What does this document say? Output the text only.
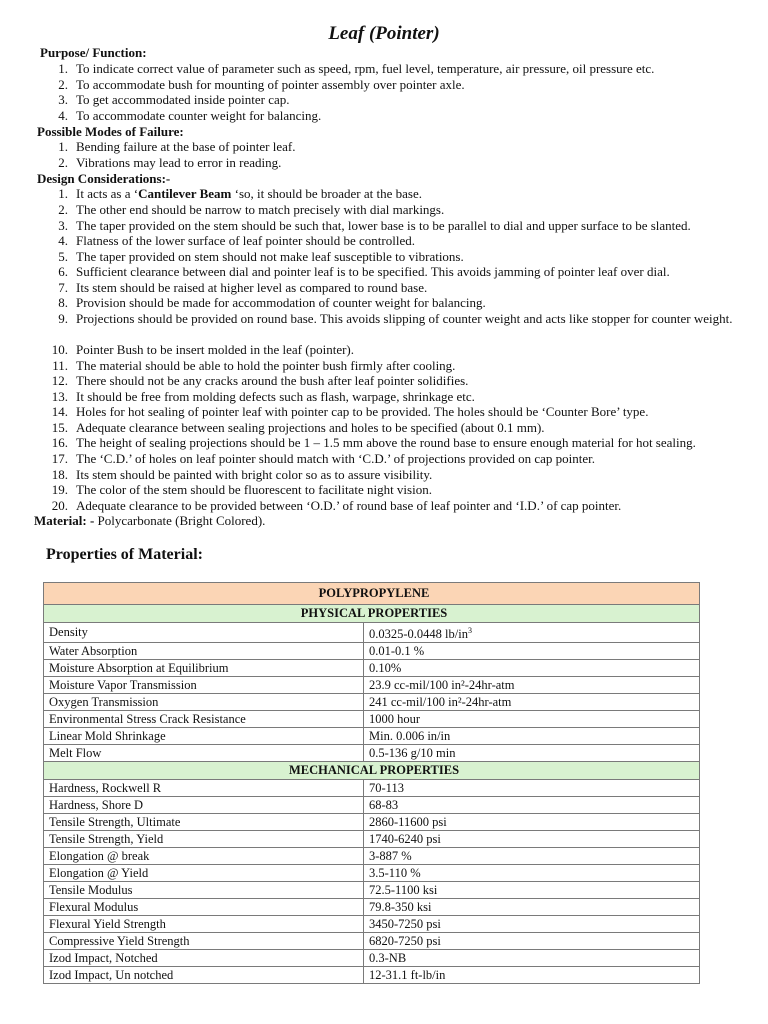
Leaf (Pointer)
Purpose/ Function:
1. To indicate correct value of parameter such as speed, rpm, fuel level, temperature, air pressure, oil pressure etc.
2. To accommodate bush for mounting of pointer assembly over pointer axle.
3. To get accommodated inside pointer cap.
4. To accommodate counter weight for balancing.
Possible Modes of Failure:
1. Bending failure at the base of pointer leaf.
2. Vibrations may lead to error in reading.
Design Considerations:-
1. It acts as a ‘Cantilever Beam ‘so, it should be broader at the base.
2. The other end should be narrow to match precisely with dial markings.
3. The taper provided on the stem should be such that, lower base is to be parallel to dial and upper surface to be slanted.
4. Flatness of the lower surface of leaf pointer should be controlled.
5. The taper provided on stem should not make leaf susceptible to vibrations.
6. Sufficient clearance between dial and pointer leaf is to be specified. This avoids jamming of pointer leaf over dial.
7. Its stem should be raised at higher level as compared to round base.
8. Provision should be made for accommodation of counter weight for balancing.
9. Projections should be provided on round base. This avoids slipping of counter weight and acts like stopper for counter weight.
10. Pointer Bush to be insert molded in the leaf (pointer).
11. The material should be able to hold the pointer bush firmly after cooling.
12. There should not be any cracks around the bush after leaf pointer solidifies.
13. It should be free from molding defects such as flash, warpage, shrinkage etc.
14. Holes for hot sealing of pointer leaf with pointer cap to be provided. The holes should be ‘Counter Bore’ type.
15. Adequate clearance between sealing projections and holes to be specified (about 0.1 mm).
16. The height of sealing projections should be 1 – 1.5 mm above the round base to ensure enough material for hot sealing.
17. The ‘C.D.’ of holes on leaf pointer should match with ‘C.D.’ of projections provided on cap pointer.
18. Its stem should be painted with bright color so as to assure visibility.
19. The color of the stem should be fluorescent to facilitate night vision.
20. Adequate clearance to be provided between ‘O.D.’ of round base of leaf pointer and ‘I.D.’ of cap pointer.
Material: - Polycarbonate (Bright Colored).
Properties of Material:
POLYPROPYLENE	
PHYSICAL PROPERTIES	
Density	0.0325-0.0448 $lb/in^3$
Water Absorption	0.01-0.1 %
Moisture Absorption at Equilibrium	0.10%
Moisture Vapor Transmission	23.9 cc-mil/100 in²-24hr-atm
Oxygen Transmission	241 cc-mil/100 in²-24hr-atm
Environmental Stress Crack Resistance	1000 hour
Linear Mold Shrinkage	Min. 0.006 in/in
Melt Flow	0.5-136 g/10 min
MECHANICAL PROPERTIES	
Hardness, Rockwell R	70-113
Hardness, Shore D	68-83
Tensile Strength, Ultimate	2860-11600 psi
Tensile Strength, Yield	1740-6240 psi
Elongation @ break	3-887 %
Elongation @ Yield	3.5-110 %
Tensile Modulus	72.5-1100 ksi
Flexural Modulus	79.8-350 ksi
Flexural Yield Strength	3450-7250 psi
Compressive Yield Strength	6820-7250 psi
Izod Impact, Notched	0.3-NB
Izod Impact, Un notched	12-31.1 ft-lb/in
